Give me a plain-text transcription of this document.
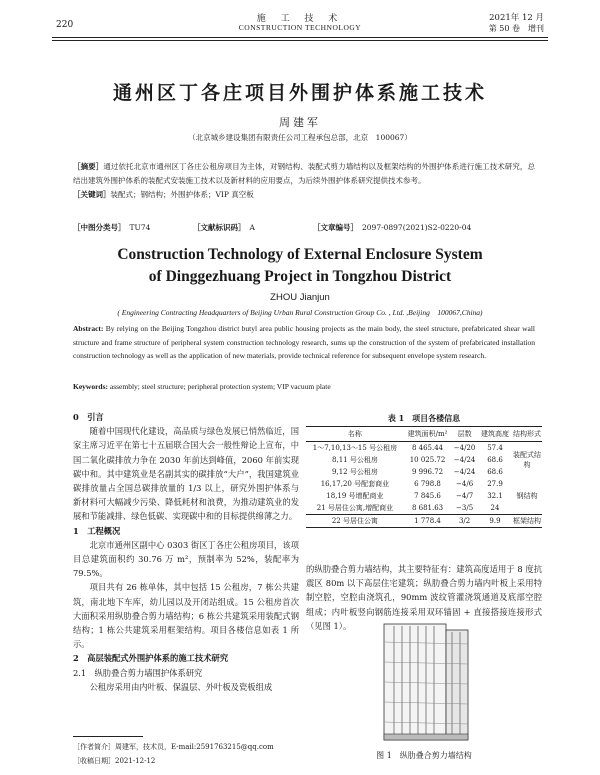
220
施 工 技 术
CONSTRUCTION TECHNOLOGY
2021年 12 月
第 50 卷　增刊
通州区丁各庄项目外围护体系施工技术
周建军
（北京城乡建设集团有限责任公司工程承包总部，北京　100067）
［摘要］通过依托北京市通州区丁各庄公租房项目为主体，对钢结构、装配式剪力墙结构以及框架结构的外围护体系进行施工技术研究，总结出建筑外围护体系的装配式安装施工技术以及新材料的应用要点，为后续外围护体系研究提供技术参考。
［关键词］装配式；钢结构；外围护体系；VIP 真空板
［中图分类号］ TU74	［文献标识码］ A	［文章编号］ 2097-0897(2021)S2-0220-04
Construction Technology of External Enclosure System
of Dinggezhuang Project in Tongzhou District
ZHOU Jianjun
( Engineering Contracting Headquarters of Beijing Urban Rural Construction Group Co. , Ltd. ,Beijing　100067,China)
Abstract: By relying on the Beijing Tongzhou district butyl area public housing projects as the main body, the steel structure, prefabricated shear wall structure and frame structure of peripheral system construction technology research, sums up the construction of the system of prefabricated installation construction technology as well as the application of new materials, provide technical reference for subsequent envelope system research.
Keywords: assembly; steel structure; peripheral protection system; VIP vacuum plate
0　引言

随着中国现代化建设，高品质与绿色发展已悄然临近，国家主席习近平在第七十五届联合国大会一般性辩论上宣布，中国二氧化碳排放力争在 2030 年前达到峰值，2060 年前实现碳中和。其中建筑业是名副其实的碳排放“大户”，我国建筑业碳排放量占全国总碳排放量的 1/3 以上，研究外围护体系与新材料可大幅减少污染、降低耗材和浪费，为推动建筑业的发展和节能减排、绿色低碳、实现碳中和的目标提供绵薄之力。

1　工程概况

北京市通州区副中心 0303 街区丁各庄公租房项目，该项目总建筑面积约 30.76 万 m²，预制率为 52%，装配率为 79.5%。

项目共有 26 栋单体，其中包括 15 公租房，7 栋公共建筑，南北地下车库，幼儿园以及开闭站组成。15 公租房首次大面积采用纵肋叠合剪力墙结构；6 栋公共建筑采用装配式钢结构；1 栋公共建筑采用框架结构。项目各楼信息如表 1 所示。

2　高层装配式外围护体系的施工技术研究
2.1　纵肋叠合剪力墙围护体系研究

公租房采用由内叶板、保温层、外叶板及瓷板组成

表 1　项目各楼信息
名称	建筑面积/m²	层数	建筑高度	结构形式
1～7,10,13～15 号公租房	8 465.44	−4/20	57.4	装配式结构
8,11 号公租房	10 025.72	−4/24	68.6	
9,12 号公租房	9 996.72	−4/24	68.6	
16,17,20 号配套商业	6 798.8	−4/6	27.9	钢结构
18,19 号增配商业	7 845.6	−4/7	32.1	
21 号居住公寓,增配商业	8 681.63	−3/5	24	
22 号居住公寓	1 778.4	3/2	9.9	框架结构

的纵肋叠合剪力墙结构，其主要特征有：建筑高度适用于 8 度抗震区 80m 以下高层住宅建筑；纵肋叠合剪力墙内叶板上采用特制空腔，空腔由浇筑孔，90mm 波纹管灌浇筑通道及底部空腔组成；内叶板竖向钢筋连接采用双环锚固 + 直接搭接连接形式（见图 1）。

图 1　纵肋叠合剪力墙结构
［作者简介］周建军，技术员，E-mail:2591763215@qq.com
［收稿日期］2021-12-12
